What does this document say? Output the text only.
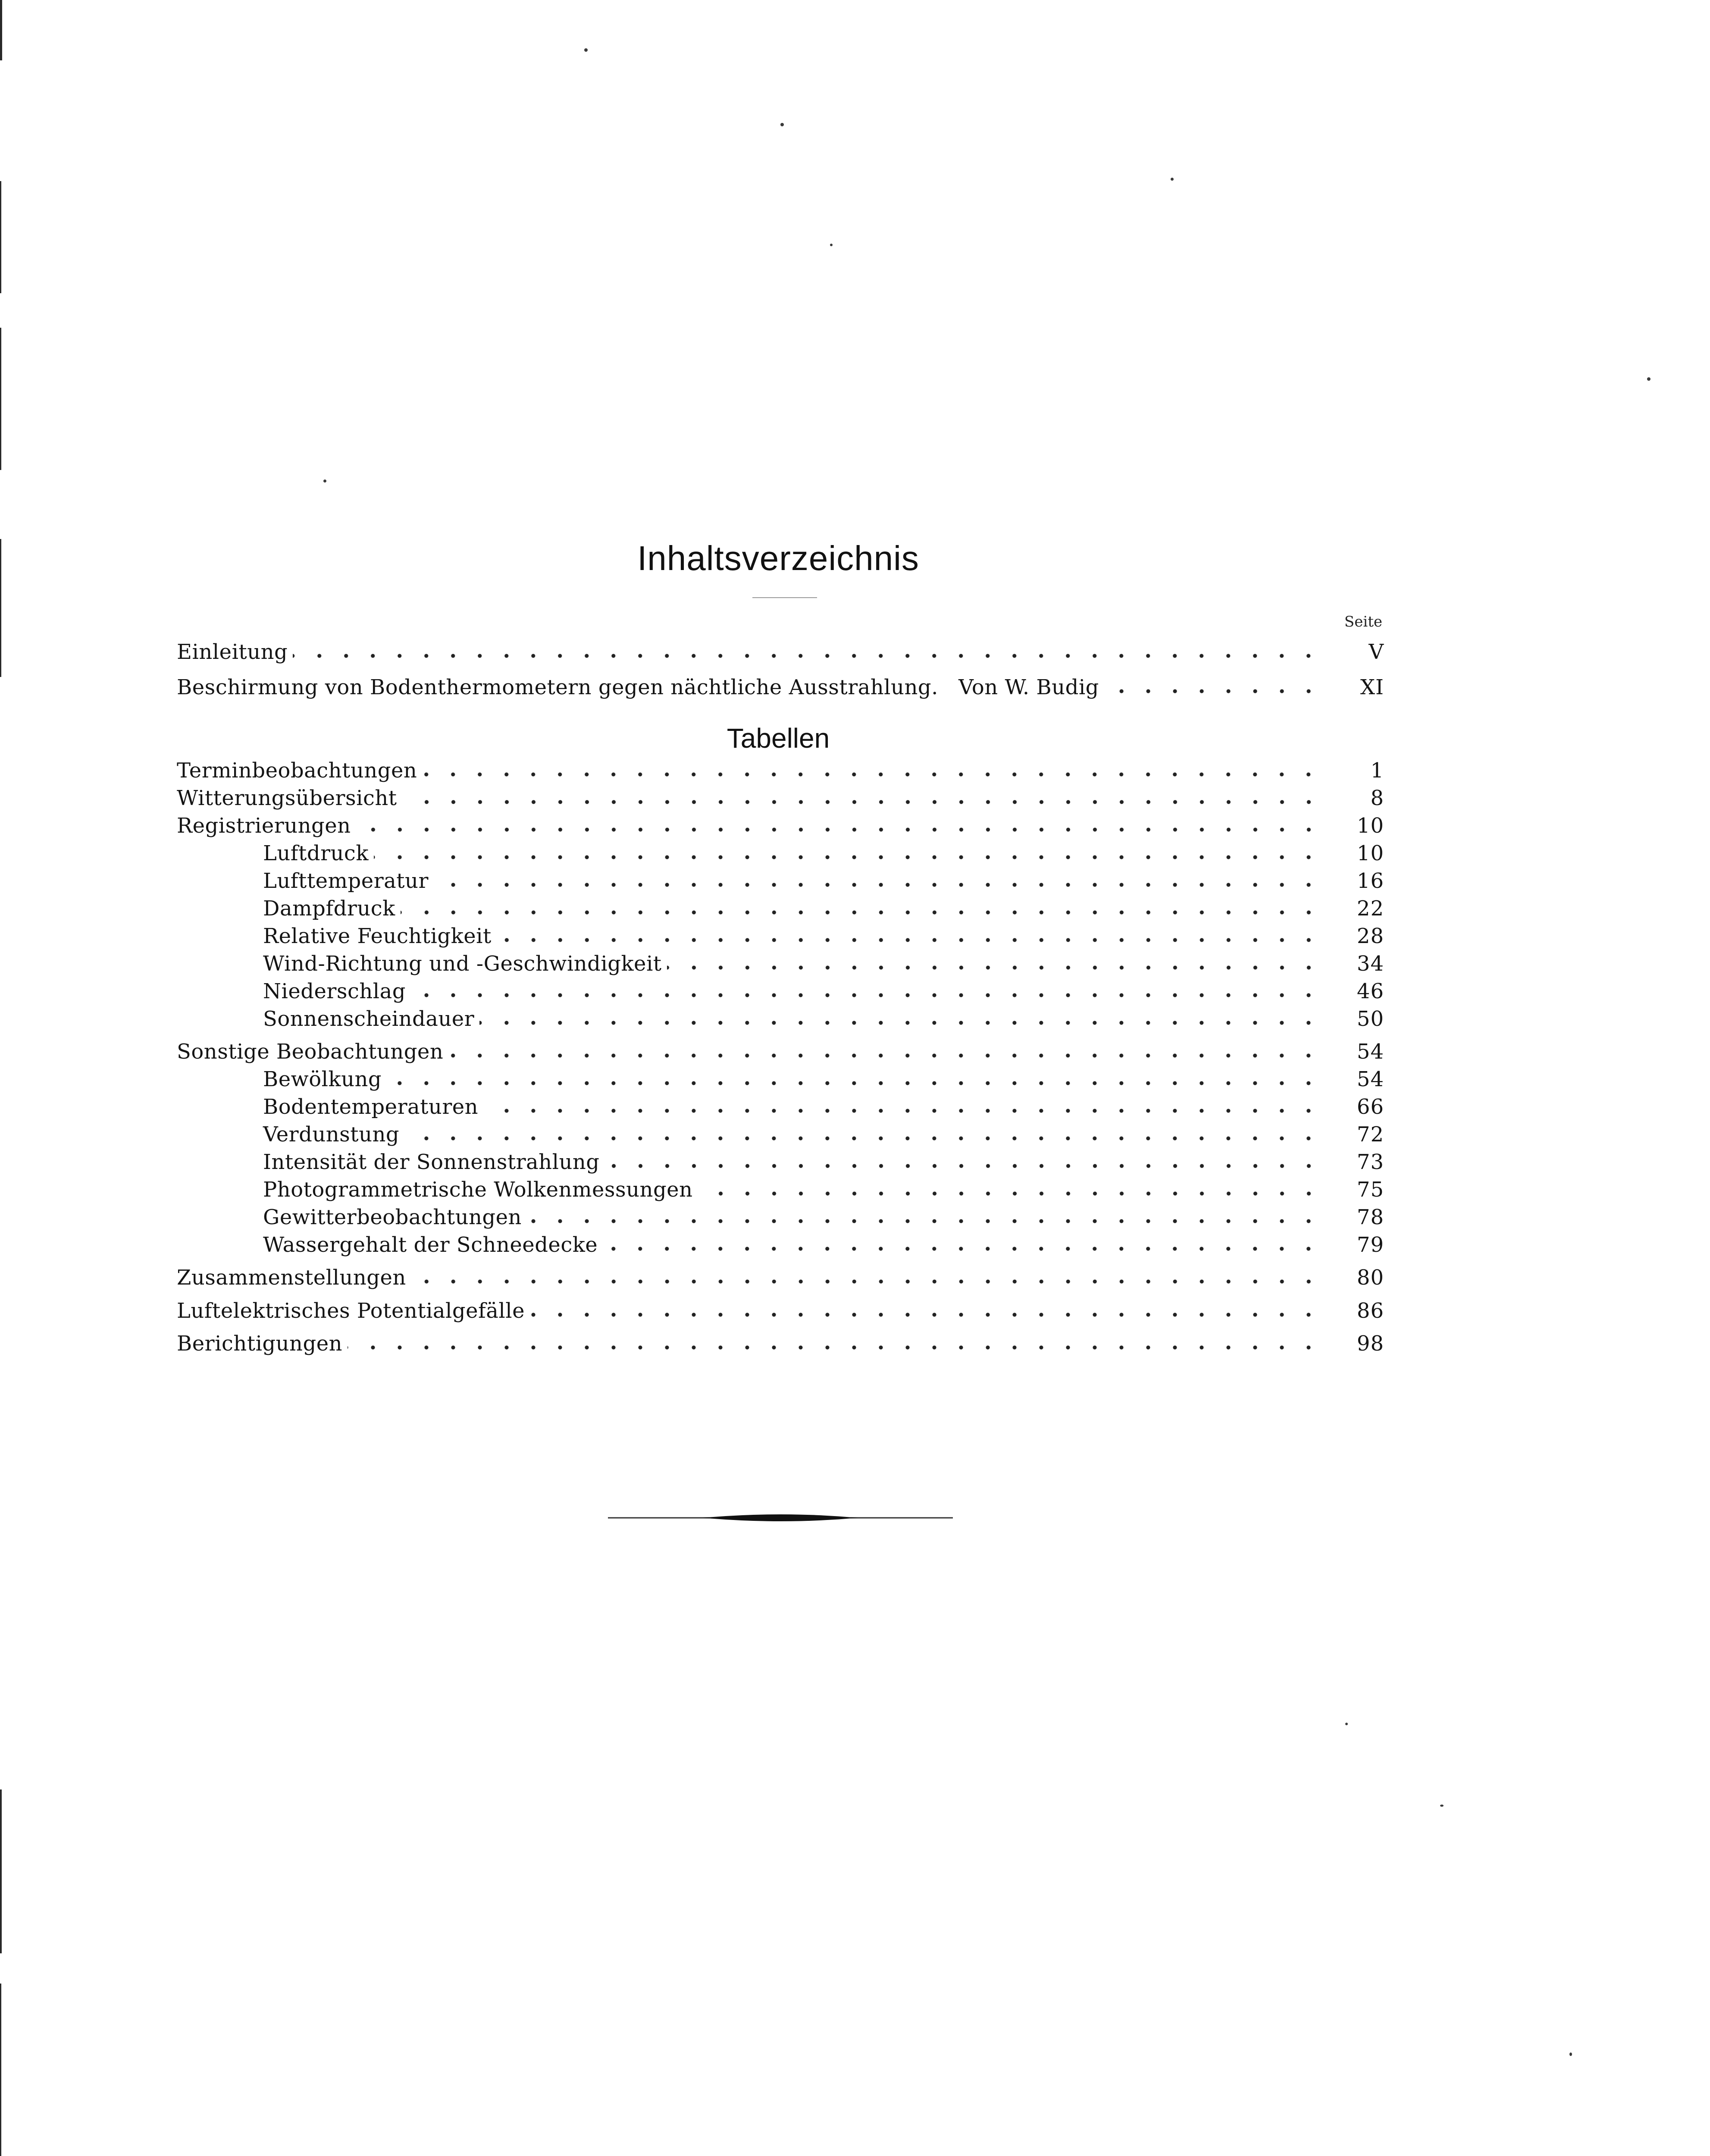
Inhaltsverzeichnis
Seite
Einleitung	V
Beschirmung von Bodenthermometern gegen nächtliche Ausstrahlung.   Von W. Budig	XI
Tabellen
Terminbeobachtungen	1
Witterungsübersicht	8
Registrierungen	10
Luftdruck	10
Lufttemperatur	16
Dampfdruck	22
Relative Feuchtigkeit	28
Wind-Richtung und -Geschwindigkeit	34
Niederschlag	46
Sonnenscheindauer	50
Sonstige Beobachtungen	54
Bewölkung	54
Bodentemperaturen	66
Verdunstung	72
Intensität der Sonnenstrahlung	73
Photogrammetrische Wolkenmessungen	75
Gewitterbeobachtungen	78
Wassergehalt der Schneedecke	79
Zusammenstellungen	80
Luftelektrisches Potentialgefälle	86
Berichtigungen	98
